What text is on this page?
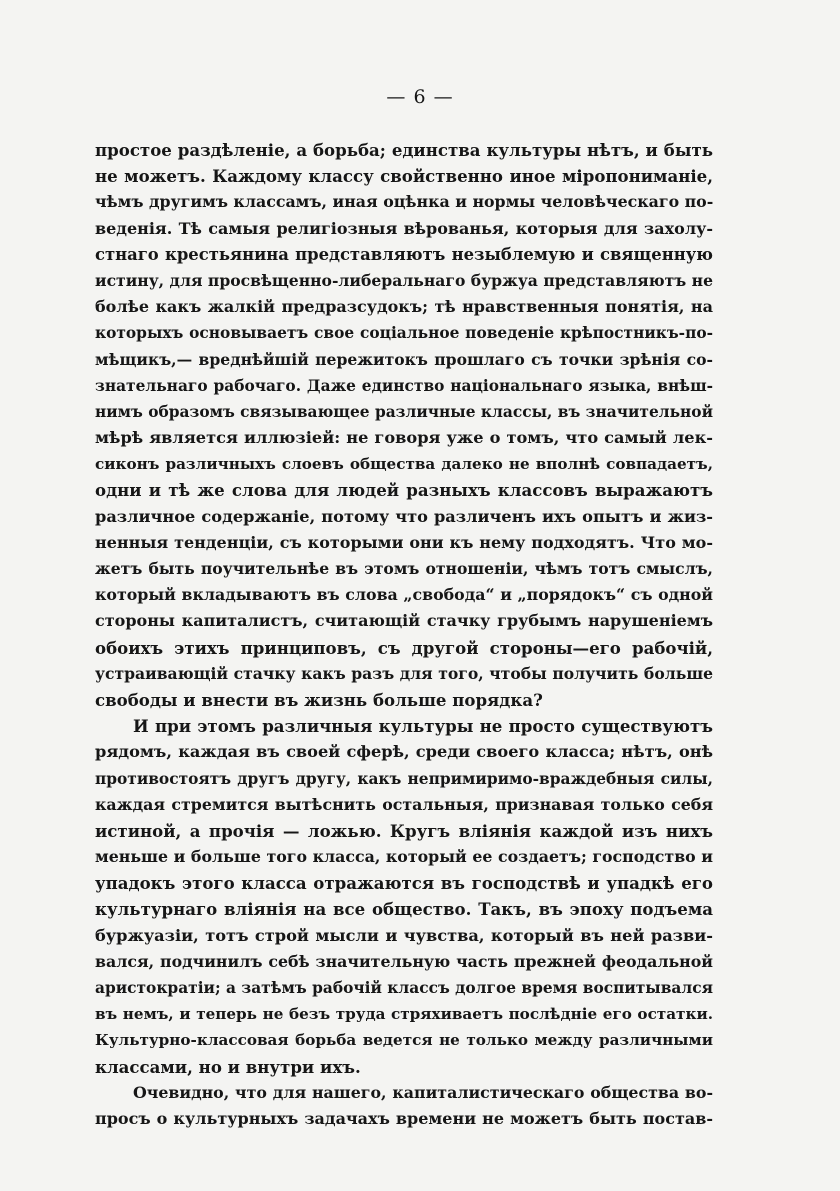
— 6 —
простое раздѣленіе, а борьба; единства культуры нѣтъ, и быть
не можетъ. Каждому классу свойственно иное міропониманіе,
чѣмъ другимъ классамъ, иная оцѣнка и нормы человѣческаго по-
веденія. Тѣ самыя религіозныя вѣрованья, которыя для захолу-
стнаго крестьянина представляютъ незыблемую и священную
истину, для просвѣщенно-либеральнаго буржуа представляютъ не
болѣе какъ жалкій предразсудокъ; тѣ нравственныя понятія, на
которыхъ основываетъ свое соціальное поведеніе крѣпостникъ-по-
мѣщикъ,— вреднѣйшій пережитокъ прошлаго съ точки зрѣнія со-
знательнаго рабочаго. Даже единство національнаго языка, внѣш-
нимъ образомъ связывающее различные классы, въ значительной
мѣрѣ является иллюзіей: не говоря уже о томъ, что самый лек-
сиконъ различныхъ слоевъ общества далеко не вполнѣ совпадаетъ,
одни и тѣ же слова для людей разныхъ классовъ выражаютъ
различное содержаніе, потому что различенъ ихъ опытъ и жиз-
ненныя тенденціи, съ которыми они къ нему подходятъ. Что мо-
жетъ быть поучительнѣе въ этомъ отношеніи, чѣмъ тотъ смыслъ,
который вкладываютъ въ слова „свобода“ и „порядокъ“ съ одной
стороны капиталистъ, считающій стачку грубымъ нарушеніемъ
обоихъ этихъ принциповъ, съ другой стороны—его рабочій,
устраивающій стачку какъ разъ для того, чтобы получить больше
свободы и внести въ жизнь больше порядка?
И при этомъ различныя культуры не просто существуютъ
рядомъ, каждая въ своей сферѣ, среди своего класса; нѣтъ, онѣ
противостоятъ другъ другу, какъ непримиримо-враждебныя силы,
каждая стремится вытѣснить остальныя, признавая только себя
истиной, а прочія — ложью. Кругъ вліянія каждой изъ нихъ
меньше и больше того класса, который ее создаетъ; господство и
упадокъ этого класса отражаются въ господствѣ и упадкѣ его
культурнаго вліянія на все общество. Такъ, въ эпоху подъема
буржуазіи, тотъ строй мысли и чувства, который въ ней разви-
вался, подчинилъ себѣ значительную часть прежней феодальной
аристократіи; а затѣмъ рабочій классъ долгое время воспитывался
въ немъ, и теперь не безъ труда стряхиваетъ послѣдніе его остатки.
Культурно-классовая борьба ведется не только между различными
классами, но и внутри ихъ.
Очевидно, что для нашего, капиталистическаго общества во-
просъ о культурныхъ задачахъ времени не можетъ быть постав-
